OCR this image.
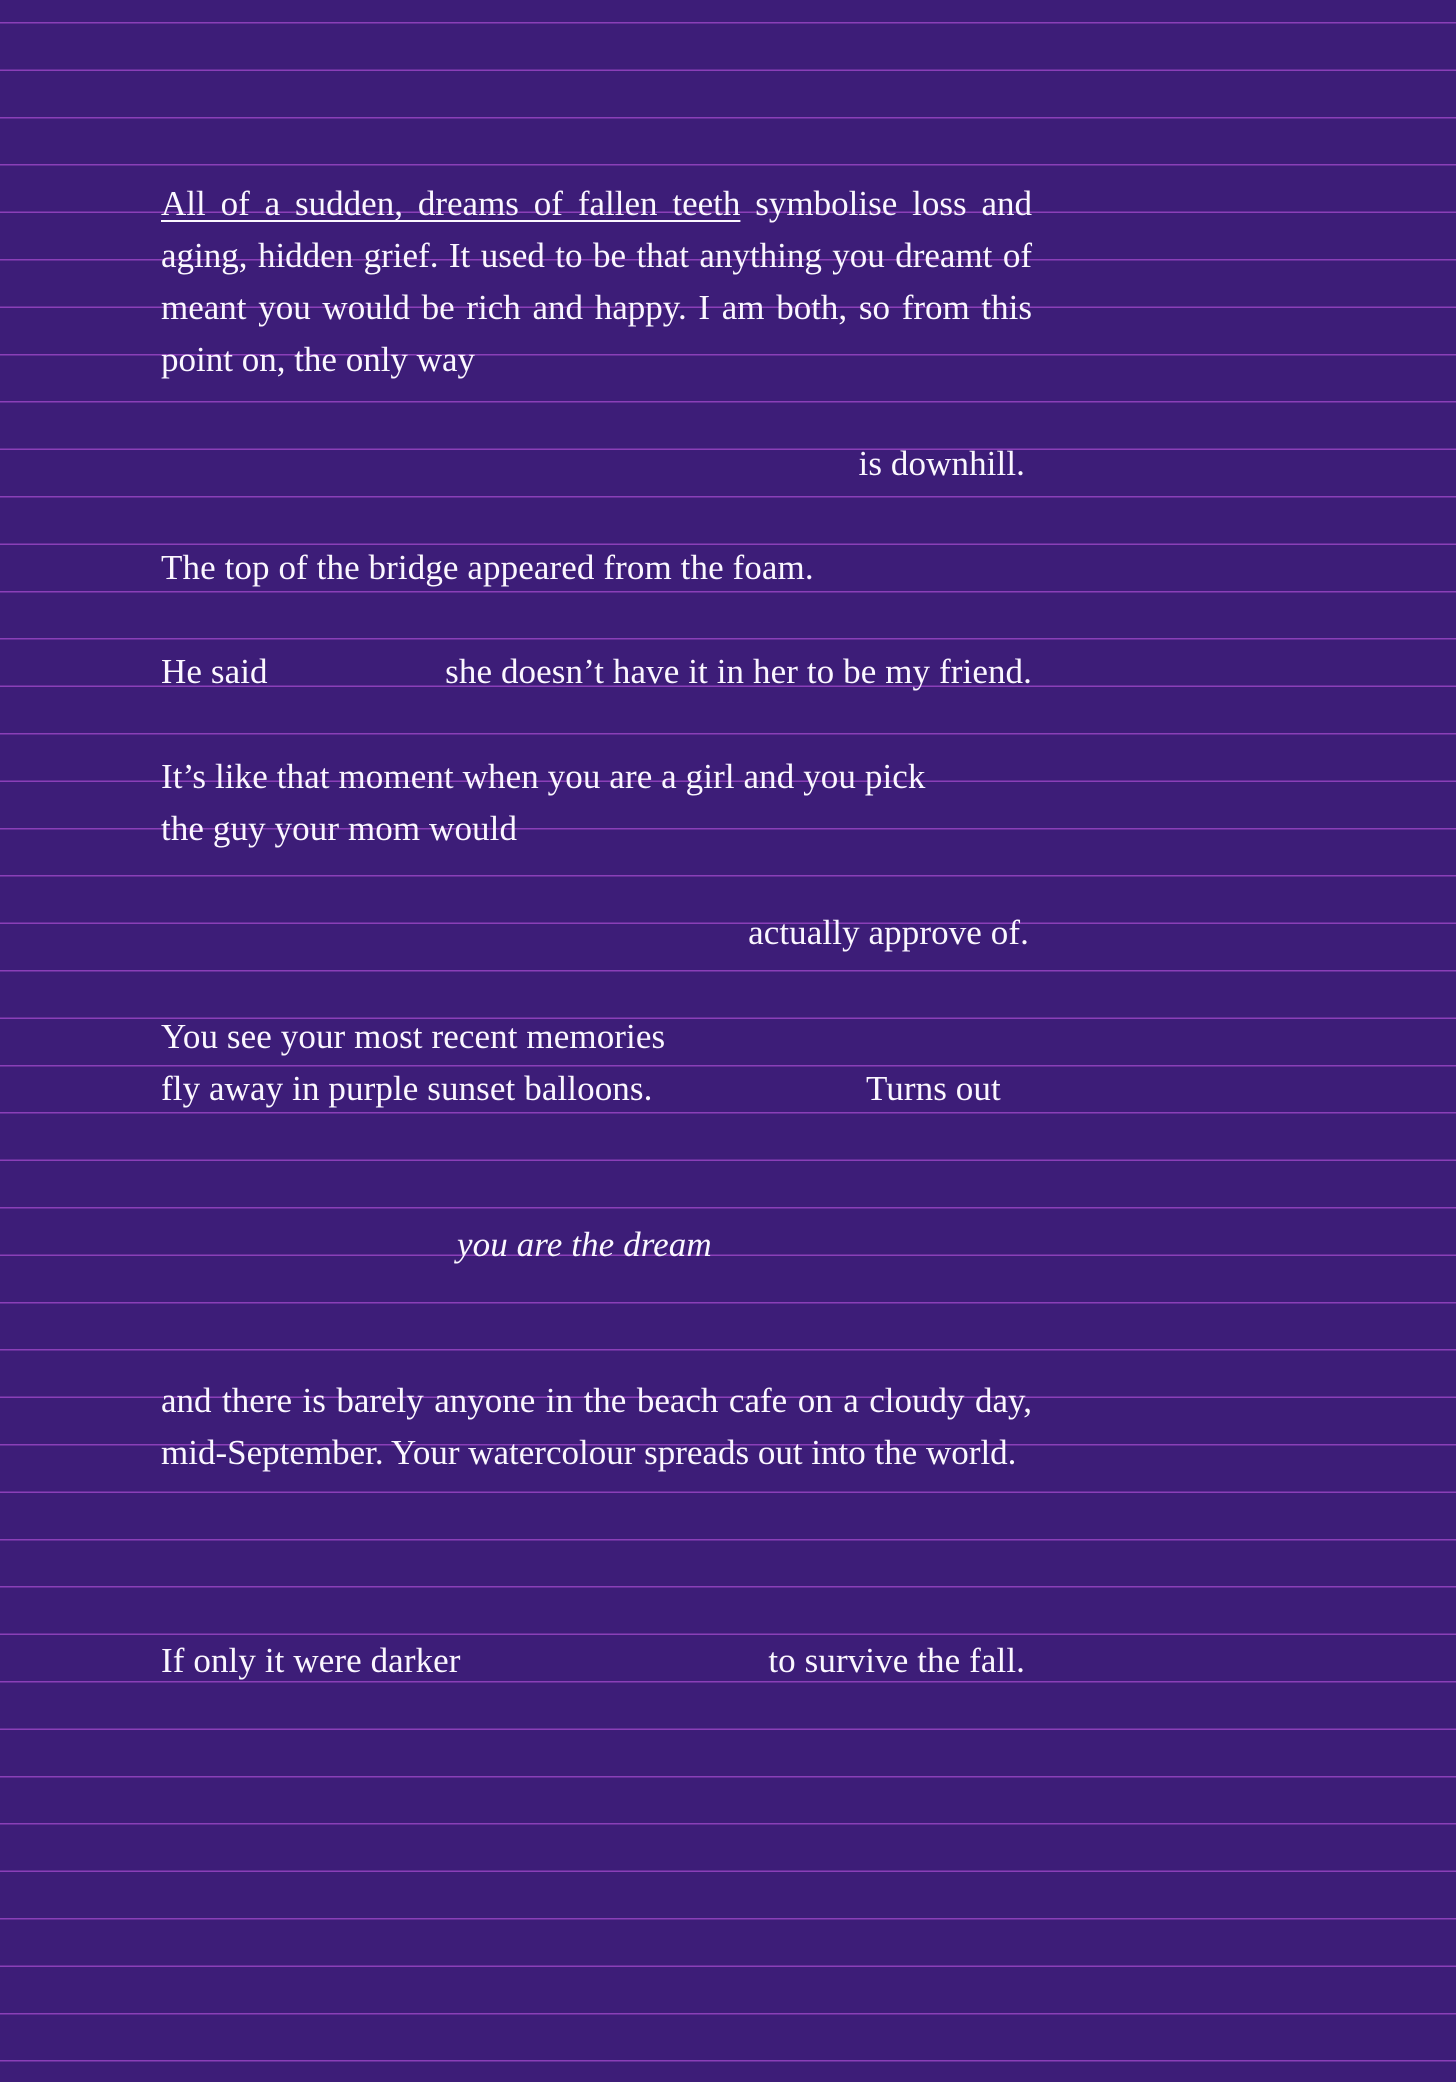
All of a sudden, dreams of fallen teeth symbolise loss and aging, hidden grief. It used to be that anything you dreamt of meant you would be rich and happy. I am both, so from this point on, the only way
is downhill.
The top of the bridge appeared from the foam.
He said	she doesn’t have it in her to be my friend.
It’s like that moment when you are a girl and you pick
the guy your mom would
actually approve of.
You see your most recent memories
fly away in purple sunset balloons.	Turns out
you are the dream
and there is barely anyone in the beach cafe on a cloudy day, mid-September. Your watercolour spreads out into the world.
If only it were darker	to survive the fall.
